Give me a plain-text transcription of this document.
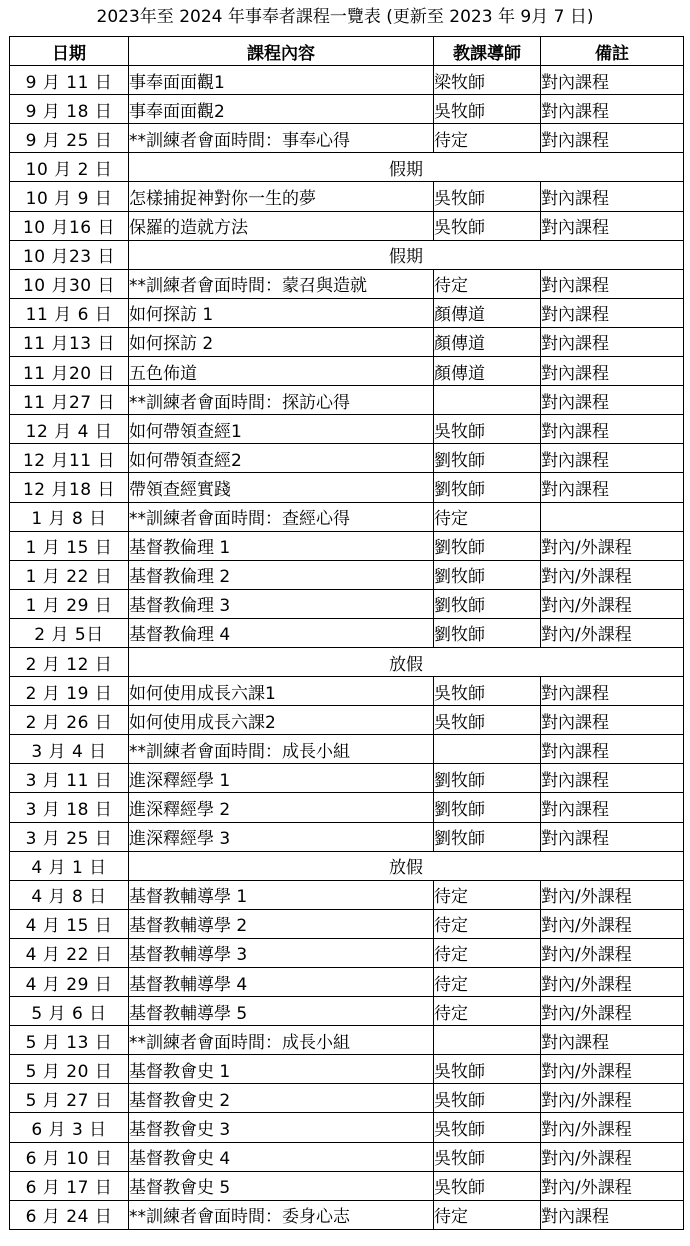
2023年至 2024 年事奉者課程一覽表 (更新至 2023 年 9月 7 日)
日期	課程內容	教課導師	備註
9 月 11 日	事奉面面觀1	梁牧師	對內課程
9 月 18 日	事奉面面觀2	吳牧師	對內課程
9 月 25 日	**訓練者會面時間：事奉心得	待定	對內課程
10 月 2 日	假期		
10 月 9 日	怎樣捕捉神對你一生的夢	吳牧師	對內課程
10 月16 日	保羅的造就方法	吳牧師	對內課程
10 月23 日	假期		
10 月30 日	**訓練者會面時間：蒙召與造就	待定	對內課程
11 月 6 日	如何探訪 1	顏傳道	對內課程
11 月13 日	如何探訪 2	顏傳道	對內課程
11 月20 日	五色佈道	顏傳道	對內課程
11 月27 日	**訓練者會面時間：探訪心得		對內課程
12 月 4 日	如何帶領查經1	吳牧師	對內課程
12 月11 日	如何帶領查經2	劉牧師	對內課程
12 月18 日	帶領查經實踐	劉牧師	對內課程
1 月 8 日	**訓練者會面時間：查經心得	待定	
1 月 15 日	基督教倫理 1	劉牧師	對內/外課程
1 月 22 日	基督教倫理 2	劉牧師	對內/外課程
1 月 29 日	基督教倫理 3	劉牧師	對內/外課程
2 月 5日	基督教倫理 4	劉牧師	對內/外課程
2 月 12 日	放假		
2 月 19 日	如何使用成長六課1	吳牧師	對內課程
2 月 26 日	如何使用成長六課2	吳牧師	對內課程
3 月 4 日	**訓練者會面時間：成長小組		對內課程
3 月 11 日	進深釋經學 1	劉牧師	對內課程
3 月 18 日	進深釋經學 2	劉牧師	對內課程
3 月 25 日	進深釋經學 3	劉牧師	對內課程
4 月 1 日	放假		
4 月 8 日	基督教輔導學 1	待定	對內/外課程
4 月 15 日	基督教輔導學 2	待定	對內/外課程
4 月 22 日	基督教輔導學 3	待定	對內/外課程
4 月 29 日	基督教輔導學 4	待定	對內/外課程
5 月 6 日	基督教輔導學 5	待定	對內/外課程
5 月 13 日	**訓練者會面時間：成長小組		對內課程
5 月 20 日	基督教會史 1	吳牧師	對內/外課程
5 月 27 日	基督教會史 2	吳牧師	對內/外課程
6 月 3 日	基督教會史 3	吳牧師	對內/外課程
6 月 10 日	基督教會史 4	吳牧師	對內/外課程
6 月 17 日	基督教會史 5	吳牧師	對內/外課程
6 月 24 日	**訓練者會面時間：委身心志	待定	對內課程
